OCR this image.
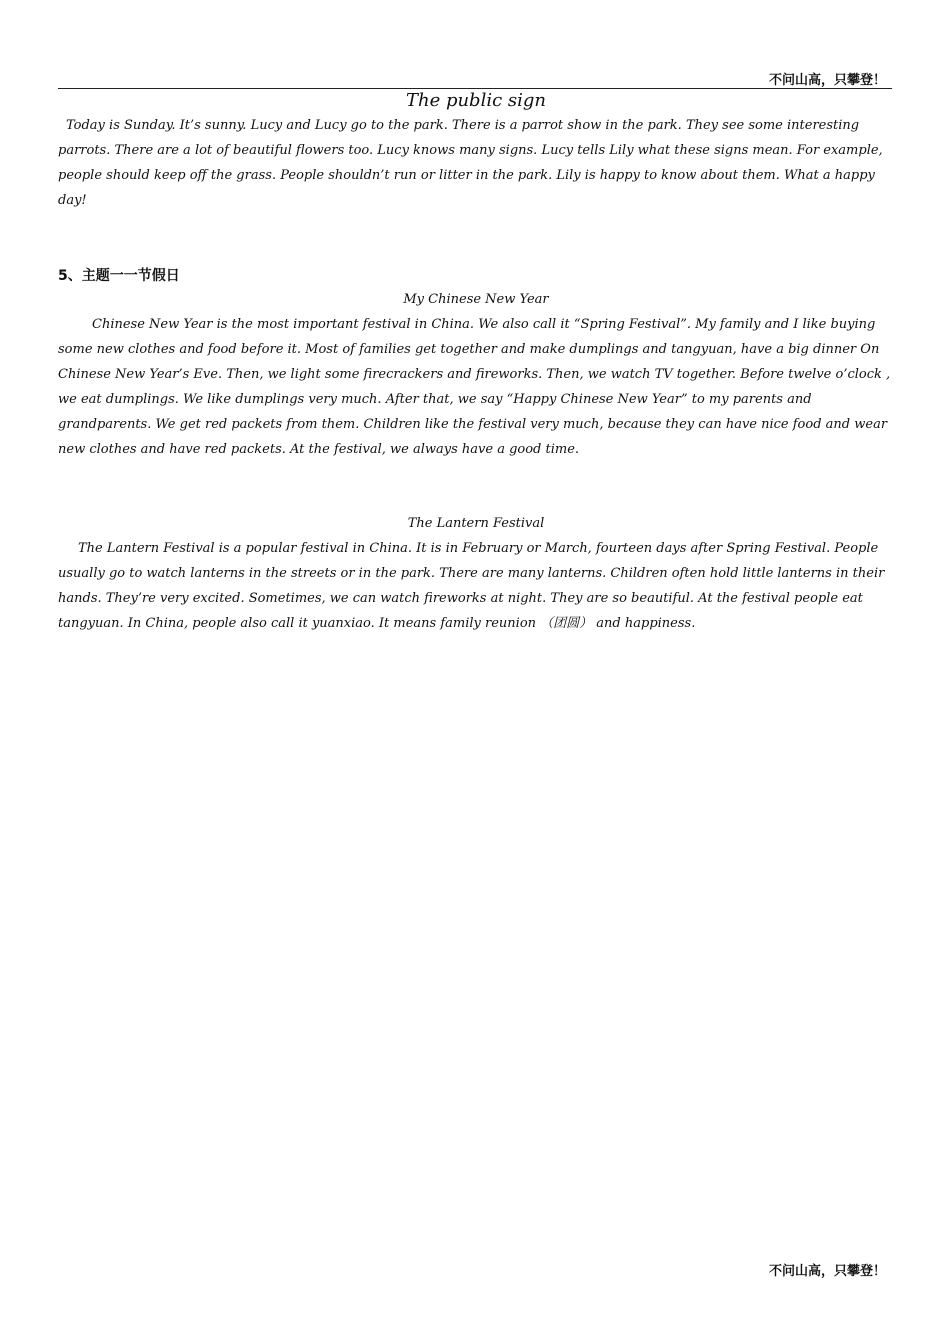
不问山高，只攀登！

The public sign

Today is Sunday. It’s sunny. Lucy and Lucy go to the park. There is a parrot show in the park. They see some interesting parrots. There are a lot of beautiful flowers too. Lucy knows many signs. Lucy tells Lily what these signs mean. For example, people should keep off the grass. People shouldn’t run or litter in the park. Lily is happy to know about them. What a happy day!

5、主题一一节假日

My Chinese New Year

Chinese New Year is the most important festival in China. We also call it “Spring Festival”. My family and I like buying some new clothes and food before it. Most of families get together and make dumplings and tangyuan, have a big dinner On Chinese New Year’s Eve. Then, we light some firecrackers and fireworks. Then, we watch TV together. Before twelve o’clock , we eat dumplings. We like dumplings very much. After that, we say “Happy Chinese New Year” to my parents and grandparents. We get red packets from them. Children like the festival very much, because they can have nice food and wear new clothes and have red packets. At the festival, we always have a good time.

The Lantern Festival

The Lantern Festival is a popular festival in China. It is in February or March, fourteen days after Spring Festival. People usually go to watch lanterns in the streets or in the park. There are many lanterns. Children often hold little lanterns in their hands. They’re very excited. Sometimes, we can watch fireworks at night. They are so beautiful. At the festival people eat tangyuan. In China, people also call it yuanxiao. It means family reunion （团圆） and happiness.

不问山高，只攀登！
